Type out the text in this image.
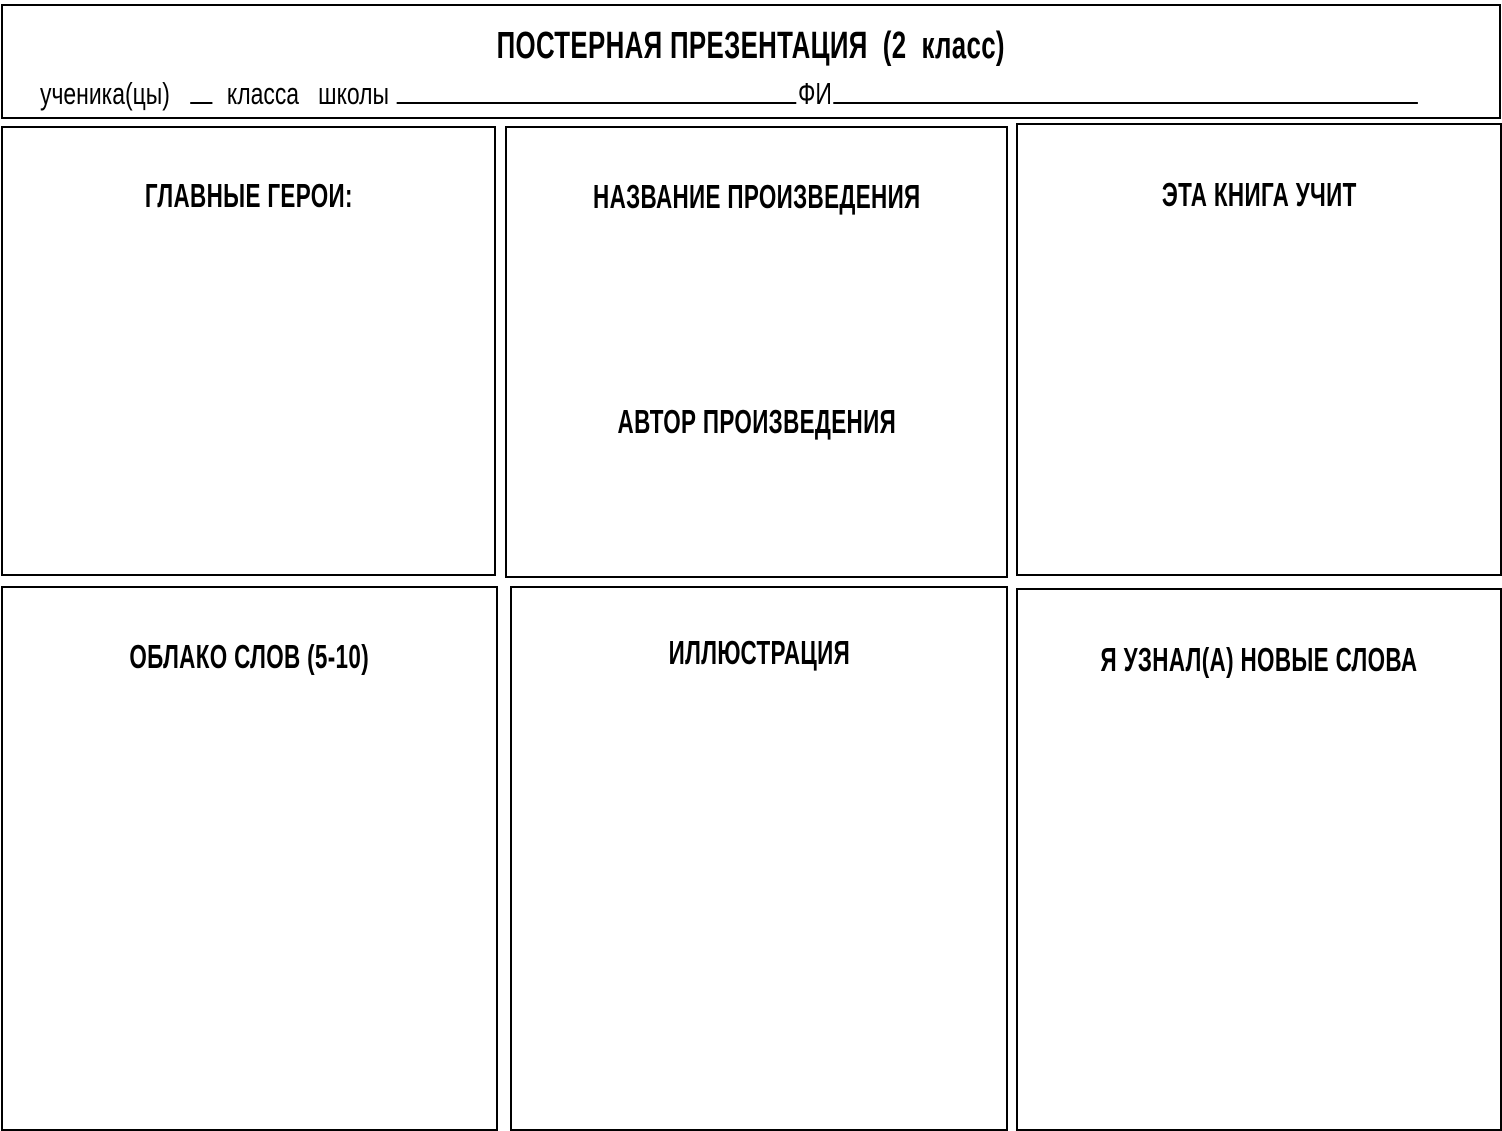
ПОСТЕРНАЯ ПРЕЗЕНТАЦИЯ  (2  класс)
ученика(цы) класса школы	ФИ
ГЛАВНЫЕ ГЕРОИ:	НАЗВАНИЕ ПРОИЗВЕДЕНИЯ
АВТОР ПРОИЗВЕДЕНИЯ
ЭТА КНИГА УЧИТ
ОБЛАКО СЛОВ (5-10)	ИЛЛЮСТРАЦИЯ	Я УЗНАЛ(А) НОВЫЕ СЛОВА
